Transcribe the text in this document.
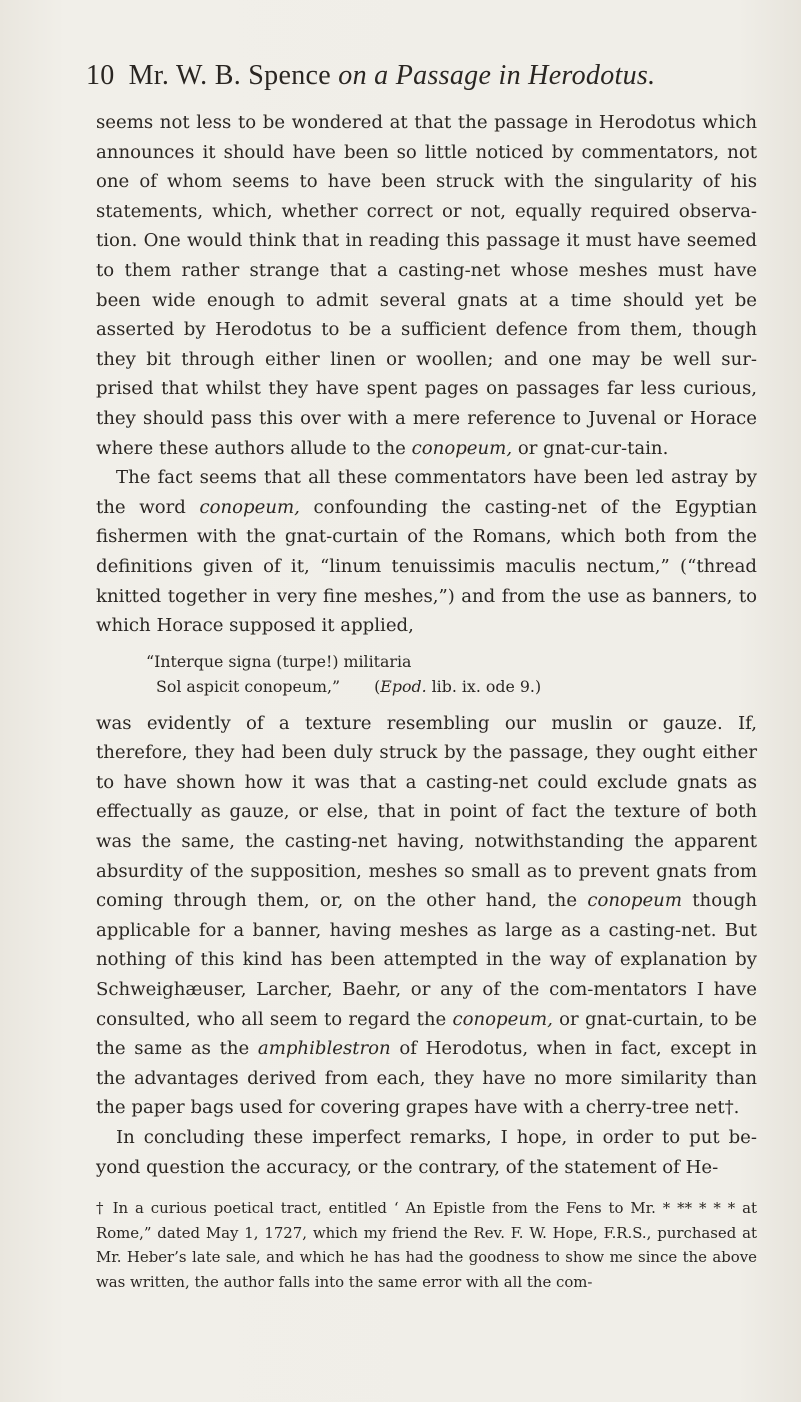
10 Mr. W. B. Spence on a Passage in Herodotus.

seems not less to be wondered at that the passage in Herodotus which announces it should have been so little noticed by commentators, not one of whom seems to have been struck with the singularity of his statements, which, whether correct or not, equally required observa-tion. One would think that in reading this passage it must have seemed to them rather strange that a casting-net whose meshes must have been wide enough to admit several gnats at a time should yet be asserted by Herodotus to be a sufficient defence from them, though they bit through either linen or woollen; and one may be well sur-prised that whilst they have spent pages on passages far less curious, they should pass this over with a mere reference to Juvenal or Horace where these authors allude to the conopeum, or gnat-cur-tain.

The fact seems that all these commentators have been led astray by the word conopeum, confounding the casting-net of the Egyptian fishermen with the gnat-curtain of the Romans, which both from the definitions given of it, “linum tenuissimis maculis nectum,” (“thread knitted together in very fine meshes,”) and from the use as banners, to which Horace supposed it applied,

“Interque signa (turpe!) militaria
Sol aspicit conopeum,” (Epod. lib. ix. ode 9.)

was evidently of a texture resembling our muslin or gauze. If, therefore, they had been duly struck by the passage, they ought either to have shown how it was that a casting-net could exclude gnats as effectually as gauze, or else, that in point of fact the texture of both was the same, the casting-net having, notwithstanding the apparent absurdity of the supposition, meshes so small as to prevent gnats from coming through them, or, on the other hand, the conopeum though applicable for a banner, having meshes as large as a casting-net. But nothing of this kind has been attempted in the way of explanation by Schweighæuser, Larcher, Baehr, or any of the com-mentators I have consulted, who all seem to regard the conopeum, or gnat-curtain, to be the same as the amphiblestron of Herodotus, when in fact, except in the advantages derived from each, they have no more similarity than the paper bags used for covering grapes have with a cherry-tree net†.

In concluding these imperfect remarks, I hope, in order to put be-yond question the accuracy, or the contrary, of the statement of He-

† In a curious poetical tract, entitled ‘ An Epistle from the Fens to Mr. * ** * * * at Rome,” dated May 1, 1727, which my friend the Rev. F. W. Hope, F.R.S., purchased at Mr. Heber’s late sale, and which he has had the goodness to show me since the above was written, the author falls into the same error with all the com-
